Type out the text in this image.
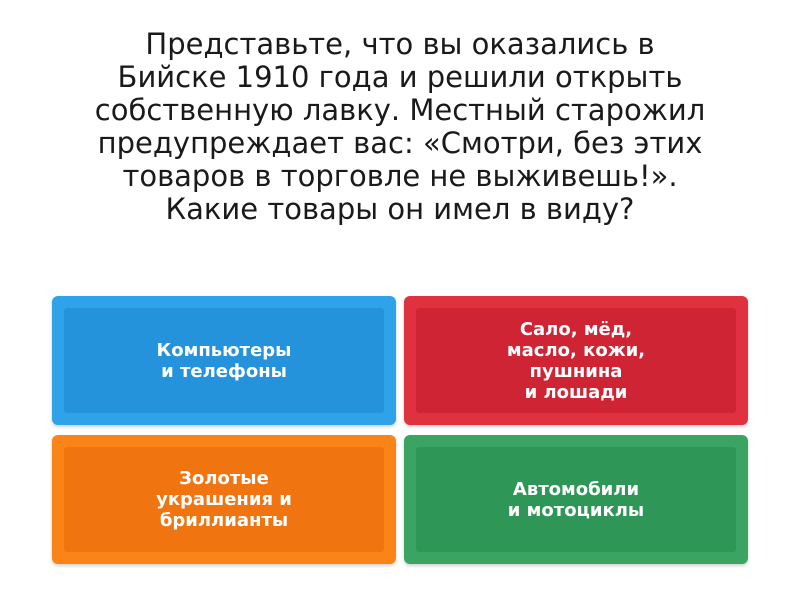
Представьте, что вы оказались в
Бийске 1910 года и решили открыть
собственную лавку. Местный старожил
предупреждает вас: «Смотри, без этих
товаров в торговле не выживешь!».
Какие товары он имел в виду?
Компьютеры
и телефоны
Сало, мёд,
масло, кожи,
пушнина
и лошади
Золотые
украшения и
бриллианты
Автомобили
и мотоциклы
